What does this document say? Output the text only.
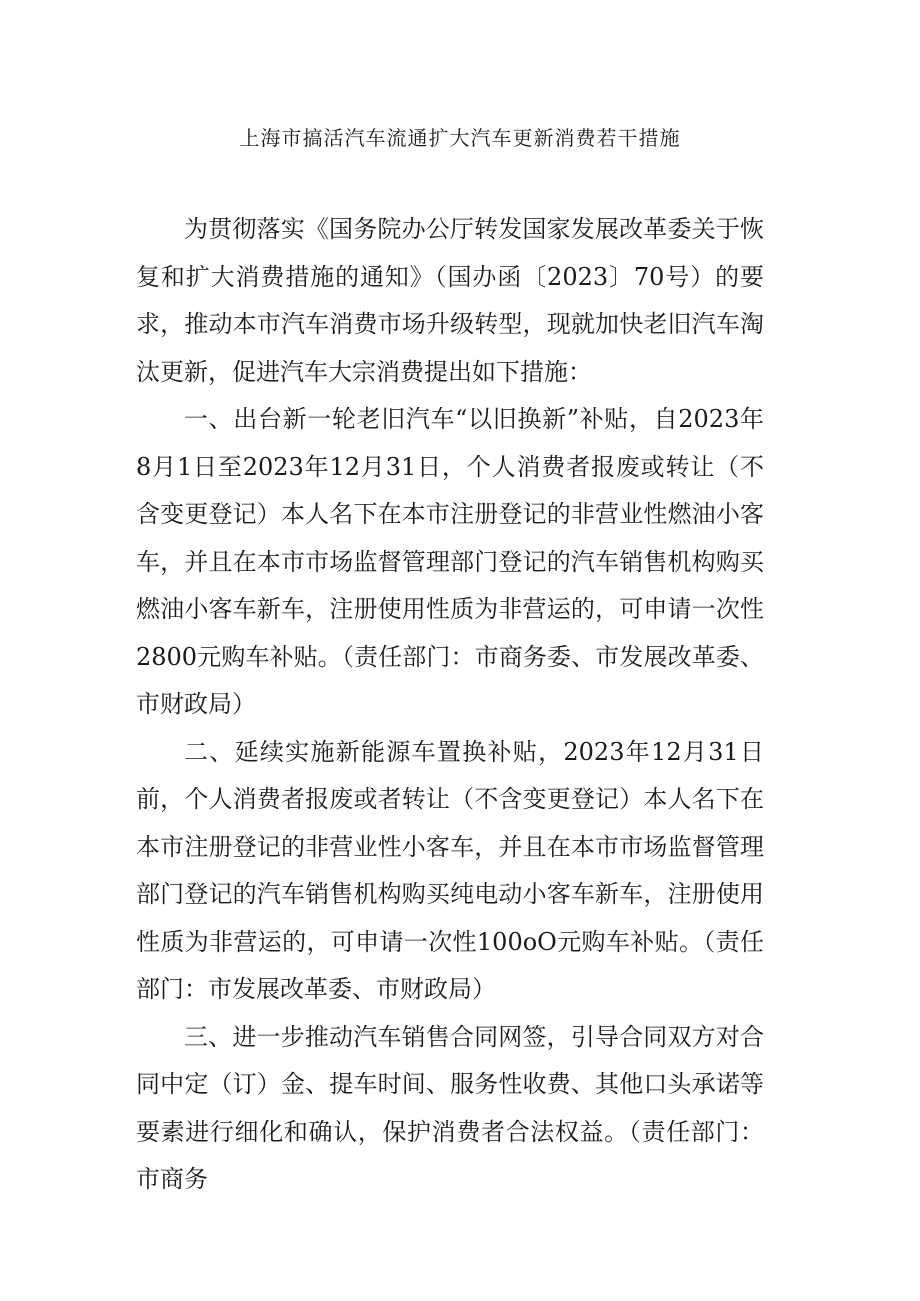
上海市搞活汽车流通扩大汽车更新消费若干措施

为贯彻落实《国务院办公厅转发国家发展改革委关于恢复和扩大消费措施的通知》（国办函〔2023〕70号）的要求，推动本市汽车消费市场升级转型，现就加快老旧汽车淘汰更新，促进汽车大宗消费提出如下措施：

一、出台新一轮老旧汽车“以旧换新”补贴，自2023年8月1日至2023年12月31日，个人消费者报废或转让（不含变更登记）本人名下在本市注册登记的非营业性燃油小客车，并且在本市市场监督管理部门登记的汽车销售机构购买燃油小客车新车，注册使用性质为非营运的，可申请一次性2800元购车补贴。（责任部门：市商务委、市发展改革委、市财政局）

二、延续实施新能源车置换补贴，2023年12月31日前，个人消费者报废或者转让（不含变更登记）本人名下在本市注册登记的非营业性小客车，并且在本市市场监督管理部门登记的汽车销售机构购买纯电动小客车新车，注册使用性质为非营运的，可申请一次性100oO元购车补贴。（责任部门：市发展改革委、市财政局）

三、进一步推动汽车销售合同网签，引导合同双方对合同中定（订）金、提车时间、服务性收费、其他口头承诺等要素进行细化和确认，保护消费者合法权益。（责任部门：市商务
